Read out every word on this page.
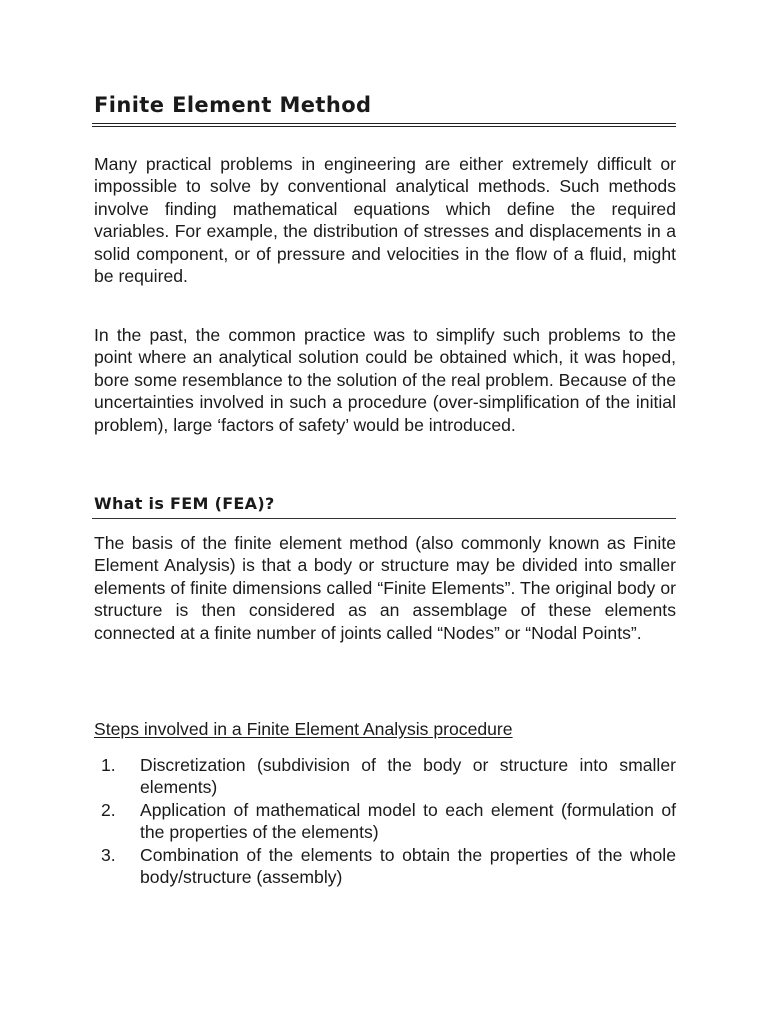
Finite Element Method

Many practical problems in engineering are either extremely difficult or impossible to solve by conventional analytical methods. Such methods involve finding mathematical equations which define the required variables. For example, the distribution of stresses and displacements in a solid component, or of pressure and velocities in the flow of a fluid, might be required.

In the past, the common practice was to simplify such problems to the point where an analytical solution could be obtained which, it was hoped, bore some resemblance to the solution of the real problem. Because of the uncertainties involved in such a procedure (over-simplification of the initial problem), large ‘factors of safety’ would be introduced.

What is FEM (FEA)?

The basis of the finite element method (also commonly known as Finite Element Analysis) is that a body or structure may be divided into smaller elements of finite dimensions called “Finite Elements”. The original body or structure is then considered as an assemblage of these elements connected at a finite number of joints called “Nodes” or “Nodal Points”.

Steps involved in a Finite Element Analysis procedure
1. Discretization (subdivision of the body or structure into smaller elements)
2. Application of mathematical model to each element (formulation of the properties of the elements)
3. Combination of the elements to obtain the properties of the whole body/structure (assembly)
